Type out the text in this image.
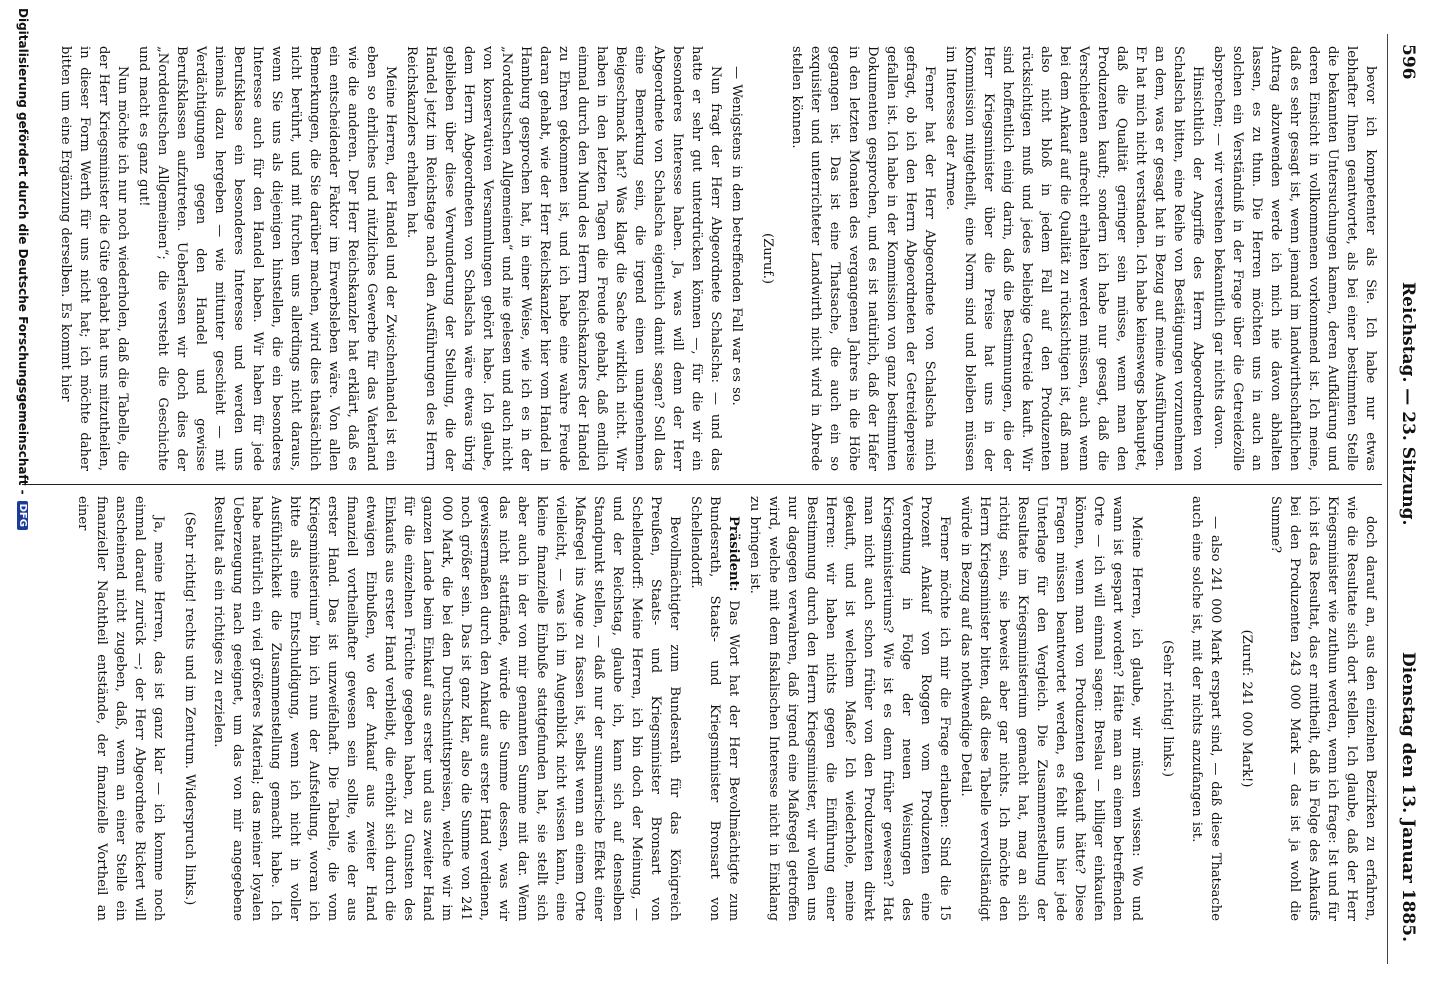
596
Reichstag. — 23. Sitzung.
Dienstag den 13. Januar 1885.

bevor ich kompetenter als Sie. Ich habe nur etwas lebhafter Ihnen geantwortet, als bei einer bestimmten Stelle die bekannten Untersuchungen kamen, deren Aufklärung und deren Einsicht in vollkommenen vorkommend ist. Ich meine, daß es sehr gesagt ist, wenn jemand im landwirthschaftlichen Antrag abzuwenden werde ich mich nie davon abhalten lassen, es zu thun. Die Herren möchten uns in auch an solchen ein Verständniß in der Frage über die Getreidezölle absprechen; — wir verstehen bekanntlich gar nichts davon.

Hinsichtlich der Angriffe des Herrn Abgeordneten von Schalscha bitten, eine Reihe von Bestätigungen vorzunehmen an dem, was er gesagt hat in Bezug auf meine Ausführungen. Er hat mich nicht verstanden. Ich habe keineswegs behauptet, daß die Qualität geringer sein müsse, wenn man den Produzenten kauft; sondern ich habe nur gesagt, daß die Verschiedenen aufrecht erhalten werden müssen, auch wenn bei dem Ankauf auf die Qualität zu rücksichtigen ist, daß man also nicht bloß in jedem Fall auf den Produzenten rücksichtigen muß und jedes beliebige Getreide kauft. Wir sind hoffentlich einig darin, daß die Bestimmungen, die der Herr Kriegsminister über die Preise hat uns in der Kommission mitgetheilt, eine Norm sind und bleiben müssen im Interesse der Armee.

Ferner hat der Herr Abgeordnete von Schalscha mich gefragt, ob ich den Herrn Abgeordneten der Getreidepreise gefallen ist. Ich habe in der Kommission von ganz bestimmten Dokumenten gesprochen, und es ist natürlich, daß der Hafer in den letzten Monaten des vergangenen Jahres in die Höhe gegangen ist. Das ist eine Thatsache, die auch ein so exquisiter und unterrichteter Landwirth nicht wird in Abrede stellen können.

(Zuruf.)

— Wenigstens in dem betreffenden Fall war es so.

Nun fragt der Herr Abgeordnete Schalscha: — und das hatte er sehr gut unterdrücken können —, für die wir ein besonderes Interesse haben. Ja, was will denn der Herr Abgeordnete von Schalscha eigentlich damit sagen? Soll das eine Bemerkung sein, die irgend einen unangenehmen Beigeschmack hat? Was klagt die Sache wirklich nicht. Wir haben in den letzten Tagen die Freude gehabt, daß endlich einmal durch den Mund des Herrn Reichskanzlers der Handel zu Ehren gekommen ist, und ich habe eine wahre Freude daran gehabt, wie der Herr Reichskanzler hier vom Handel in Hamburg gesprochen hat, in einer Weise, wie ich es in der „Norddeutschen Allgemeinen“ und nie gelesen und auch nicht von konservativen Versammlungen gehört habe. Ich glaube, dem Herrn Abgeordneten von Schalscha wäre etwas übrig geblieben über diese Verwunderung der Stellung, die der Handel jetzt im Reichstage nach den Ausführungen des Herrn Reichskanzlers erhalten hat.

Meine Herren, der Handel und der Zwischenhandel ist ein eben so ehrliches und nützliches Gewerbe für das Vaterland wie die anderen. Der Herr Reichskanzler hat erklärt, daß es ein entscheidender Faktor im Erwerbsleben wäre. Von allen Bemerkungen, die Sie darüber machen, wird dies thatsächlich nicht berührt, und mit furchen uns allerdings nicht daraus, wenn Sie uns als diejenigen hinstellen, die ein besonderes Interesse auch für den Handel haben. Wir haben für jede Berufsklasse ein besonderes Interesse und werden uns niemals dazu hergeben — wie mitunter geschieht — mit Verdächtigungen gegen den Handel und gewisse Berufsklassen aufzutreten. Ueberlassen wir doch dies der „Norddeutschen Allgemeinen“; die versteht die Geschichte und macht es ganz gut!

Nun möchte ich nur noch wiederholen, daß die Tabelle, die der Herr Kriegsminister die Güte gehabt hat uns mitzutheilen, in dieser Form Werth für uns nicht hat; ich möchte daher bitten um eine Ergänzung derselben. Es kommt hier

doch darauf an, aus den einzelnen Bezirken zu erfahren, wie die Resultate sich dort stellen. Ich glaube, daß der Herr Kriegsminister wie zuthun werden, wenn ich frage: Ist und für ich ist das Resultat, das er mittheilt, daß in Folge des Ankaufs bei den Produzenten 243 000 Mark — das ist ja wohl die Summe?

(Zuruf: 241 000 Mark!)

— also 241 000 Mark erspart sind, — daß diese Thatsache auch eine solche ist, mit der nichts anzufangen ist.

(Sehr richtig! links.)

Meine Herren, ich glaube, wir müssen wissen: Wo und wann ist gespart worden? Hätte man an einem betreffenden Orte — ich will einmal sagen: Breslau — billiger einkaufen können, wenn man von Produzenten gekauft hätte? Diese Fragen müssen beantwortet werden, es fehlt uns hier jede Unterlage für den Vergleich. Die Zusammenstellung der Resultate im Kriegsministerium gemacht hat, mag an sich richtig sein, sie beweist aber gar nichts. Ich möchte den Herrn Kriegsminister bitten, daß diese Tabelle vervollständigt würde in Bezug auf das nothwendige Detail.

Ferner möchte ich mir die Frage erlauben: Sind die 15 Prozent Ankauf von Roggen vom Produzenten eine Verordnung in Folge der neuen Weisungen des Kriegsministeriums? Wie ist es denn früher gewesen? Hat man nicht auch schon früher von den Produzenten direkt gekauft, und ist welchem Maße? Ich wiederhole, meine Herren: wir haben nichts gegen die Einführung einer Bestimmung durch den Herrn Kriegsminister, wir wollen uns nur dagegen verwahren, daß irgend eine Maßregel getroffen wird, welche mit dem fiskalischen Interesse nicht in Einklang zu bringen ist.

Präsident: Das Wort hat der Herr Bevollmächtigte zum Bundesrath, Staats- und Kriegsminister Bronsart von Schellendorff.

Bevollmächtigter zum Bundesrath für das Königreich Preußen, Staats- und Kriegsminister Bronsart von Schellendorff: Meine Herren, ich bin doch der Meinung, — und der Reichstag, glaube ich, kann sich auf denselben Standpunkt stellen, — daß nur der summarische Effekt einer Maßregel ins Auge zu fassen ist, selbst wenn an einem Orte vielleicht, — was ich im Augenblick nicht wissen kann, eine kleine finanzielle Einbuße stattgefunden hat, sie stellt sich aber auch in der von mir genannten Summe mit dar. Wenn das nicht stattfände, würde die Summe dessen, was wir gewissermaßen durch den Ankauf aus erster Hand verdienen, noch größer sein. Das ist ganz klar, also die Summe von 241 000 Mark, die bei den Durchschnittspreisen, welche wir im ganzen Lande beim Einkauf aus erster und aus zweiter Hand für die einzelnen Früchte gegeben haben, zu Gunsten des Einkaufs aus erster Hand verbleibt, die erhöht sich durch die etwaigen Einbußen, wo der Ankauf aus zweiter Hand finanziell vortheilhafter gewesen sein sollte, wie der aus erster Hand. Das ist unzweifelhaft. Die Tabelle, die vom Kriegsministerium“ bin ich nun der Aufstellung, woran ich bitte als eine Entschuldigung, wenn ich nicht in voller Ausführlichkeit die Zusammenstellung gemacht habe. Ich habe natürlich ein viel größeres Material; das meiner loyalen Ueberzeugung nach geeignet, um das von mir angegebene Resultat als ein richtiges zu erzielen.

(Sehr richtig! rechts und im Zentrum. Widerspruch links.)

Ja, meine Herren, das ist ganz klar — ich komme noch einmal darauf zurück —; der Herr Abgeordnete Rickert will anscheinend nicht zugeben, daß, wenn an einer Stelle ein finanzieller Nachtheil entstände, der finanzielle Vortheil an einer

Digitalisierung gefördert durch die Deutsche Forschungsgemeinschaft -DFG
